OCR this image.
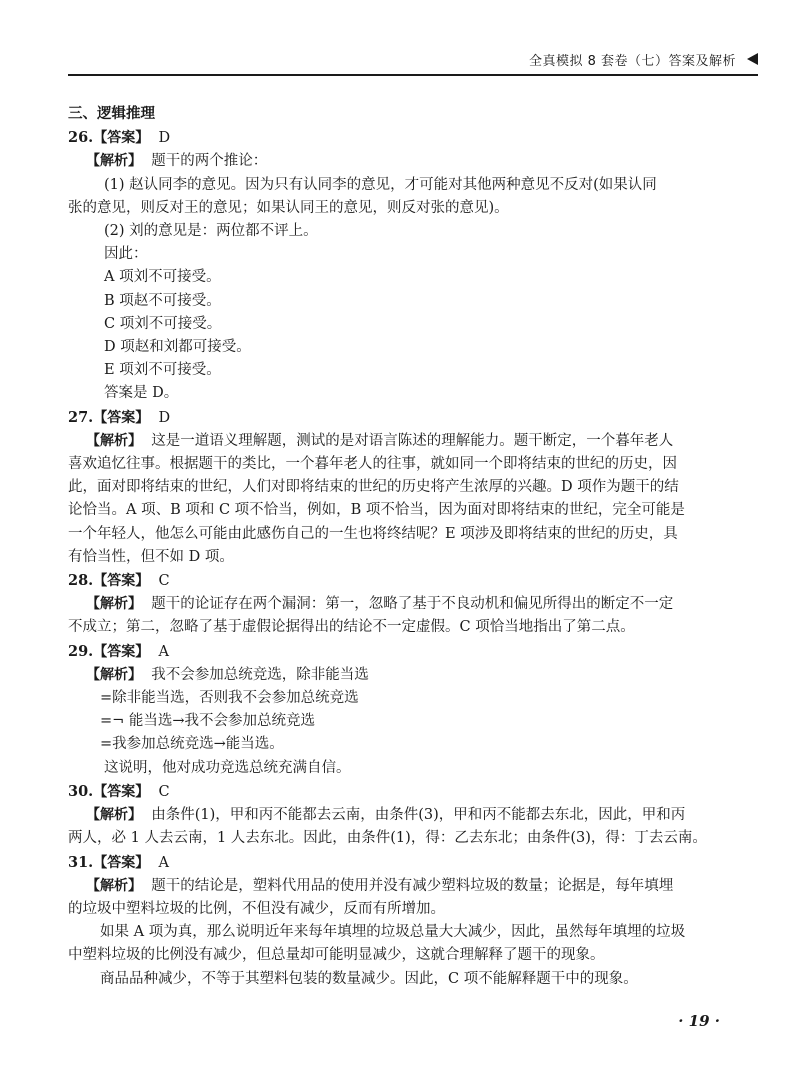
全真模拟 8 套卷（七）答案及解析
三、逻辑推理
26.【答案】 D
【解析】 题干的两个推论：
(1) 赵认同李的意见。因为只有认同李的意见，才可能对其他两种意见不反对(如果认同
张的意见，则反对王的意见；如果认同王的意见，则反对张的意见)。
(2) 刘的意见是：两位都不评上。
因此：
A 项刘不可接受。
B 项赵不可接受。
C 项刘不可接受。
D 项赵和刘都可接受。
E 项刘不可接受。
答案是 D。
27.【答案】 D
【解析】 这是一道语义理解题，测试的是对语言陈述的理解能力。题干断定，一个暮年老人
喜欢追忆往事。根据题干的类比，一个暮年老人的往事，就如同一个即将结束的世纪的历史，因
此，面对即将结束的世纪，人们对即将结束的世纪的历史将产生浓厚的兴趣。D 项作为题干的结
论恰当。A 项、B 项和 C 项不恰当，例如，B 项不恰当，因为面对即将结束的世纪，完全可能是
一个年轻人，他怎么可能由此感伤自己的一生也将终结呢？E 项涉及即将结束的世纪的历史，具
有恰当性，但不如 D 项。
28.【答案】 C
【解析】 题干的论证存在两个漏洞：第一，忽略了基于不良动机和偏见所得出的断定不一定
不成立；第二，忽略了基于虚假论据得出的结论不一定虚假。C 项恰当地指出了第二点。
29.【答案】 A
【解析】 我不会参加总统竞选，除非能当选
=除非能当选，否则我不会参加总统竞选
=¬ 能当选→我不会参加总统竞选
=我参加总统竞选→能当选。
这说明，他对成功竞选总统充满自信。
30.【答案】 C
【解析】 由条件(1)，甲和丙不能都去云南，由条件(3)，甲和丙不能都去东北，因此，甲和丙
两人，必 1 人去云南，1 人去东北。因此，由条件(1)，得：乙去东北；由条件(3)，得：丁去云南。
31.【答案】 A
【解析】 题干的结论是，塑料代用品的使用并没有减少塑料垃圾的数量；论据是，每年填埋
的垃圾中塑料垃圾的比例，不但没有减少，反而有所增加。
如果 A 项为真，那么说明近年来每年填埋的垃圾总量大大减少，因此，虽然每年填埋的垃圾
中塑料垃圾的比例没有减少，但总量却可能明显减少，这就合理解释了题干的现象。
商品品种减少，不等于其塑料包装的数量减少。因此，C 项不能解释题干中的现象。
· 19 ·
